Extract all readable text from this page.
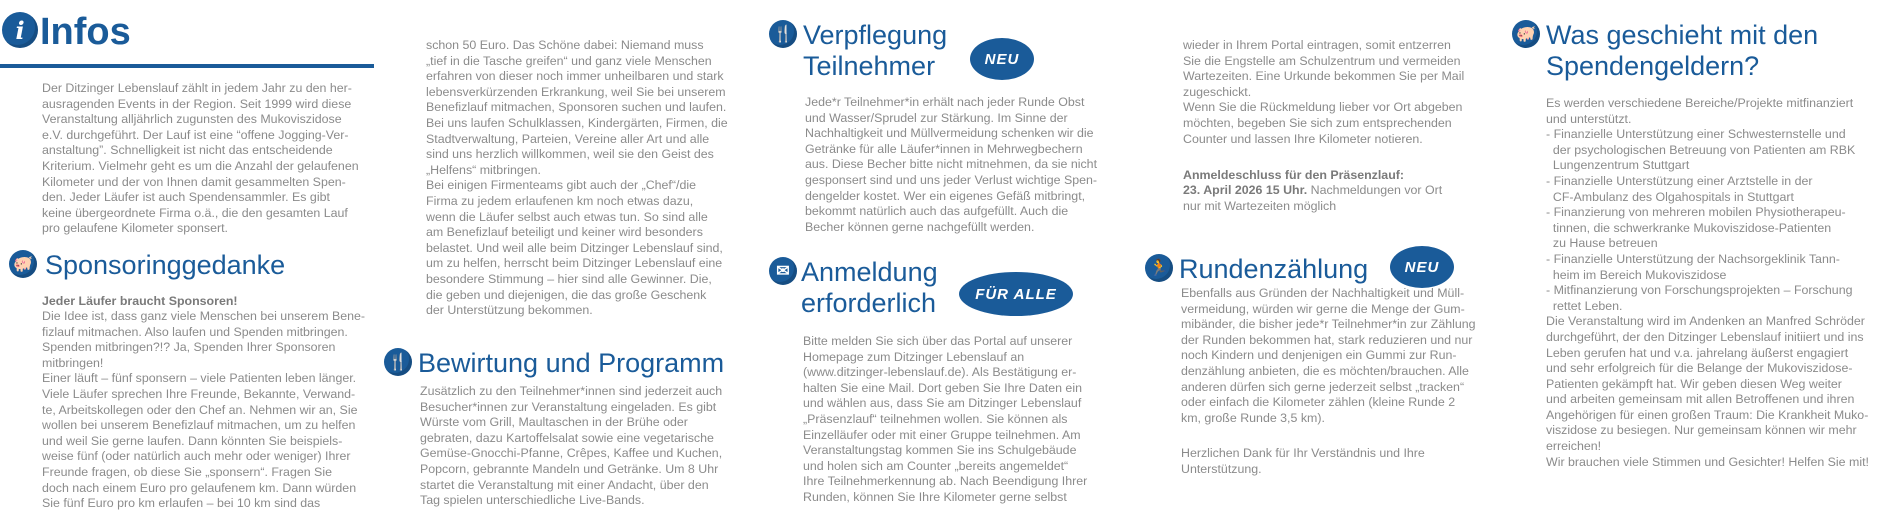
i Infos
Der Ditzinger Lebenslauf zählt in jedem Jahr zu den her-
ausragenden Events in der Region. Seit 1999 wird diese
Veranstaltung alljährlich zugunsten des Mukoviszidose
e.V. durchgeführt. Der Lauf ist eine “offene Jogging-Ver-
anstaltung”. Schnelligkeit ist nicht das entscheidende
Kriterium. Vielmehr geht es um die Anzahl der gelaufenen
Kilometer und der von Ihnen damit gesammelten Spen-
den. Jeder Läufer ist auch Spendensammler. Es gibt
keine übergeordnete Firma o.ä., die den gesamten Lauf
pro gelaufene Kilometer sponsert.
🐖 Sponsoringgedanke
Jeder Läufer braucht Sponsoren!
Die Idee ist, dass ganz viele Menschen bei unserem Bene-
fizlauf mitmachen. Also laufen und Spenden mitbringen.
Spenden mitbringen?!? Ja, Spenden Ihrer Sponsoren
mitbringen!
Einer läuft – fünf sponsern – viele Patienten leben länger.
Viele Läufer sprechen Ihre Freunde, Bekannte, Verwand-
te, Arbeitskollegen oder den Chef an. Nehmen wir an, Sie
wollen bei unserem Benefizlauf mitmachen, um zu helfen
und weil Sie gerne laufen. Dann könnten Sie beispiels-
weise fünf (oder natürlich auch mehr oder weniger) Ihrer
Freunde fragen, ob diese Sie „sponsern“. Fragen Sie
doch nach einem Euro pro gelaufenem km. Dann würden
Sie fünf Euro pro km erlaufen – bei 10 km sind das
schon 50 Euro. Das Schöne dabei: Niemand muss
„tief in die Tasche greifen“ und ganz viele Menschen
erfahren von dieser noch immer unheilbaren und stark
lebensverkürzenden Erkrankung, weil Sie bei unserem
Benefizlauf mitmachen, Sponsoren suchen und laufen.
Bei uns laufen Schulklassen, Kindergärten, Firmen, die
Stadtverwaltung, Parteien, Vereine aller Art und alle
sind uns herzlich willkommen, weil sie den Geist des
„Helfens“ mitbringen.
Bei einigen Firmenteams gibt auch der „Chef“/die
Firma zu jedem erlaufenen km noch etwas dazu,
wenn die Läufer selbst auch etwas tun. So sind alle
am Benefizlauf beteiligt und keiner wird besonders
belastet. Und weil alle beim Ditzinger Lebenslauf sind,
um zu helfen, herrscht beim Ditzinger Lebenslauf eine
besondere Stimmung – hier sind alle Gewinner. Die,
die geben und diejenigen, die das große Geschenk
der Unterstützung bekommen.
🍴 Bewirtung und Programm
Zusätzlich zu den Teilnehmer*innen sind jederzeit auch
Besucher*innen zur Veranstaltung eingeladen. Es gibt
Würste vom Grill, Maultaschen in der Brühe oder
gebraten, dazu Kartoffelsalat sowie eine vegetarische
Gemüse-Gnocchi-Pfanne, Crêpes, Kaffee und Kuchen,
Popcorn, gebrannte Mandeln und Getränke. Um 8 Uhr
startet die Veranstaltung mit einer Andacht, über den
Tag spielen unterschiedliche Live-Bands.
🍴 Verpflegung
Teilnehmer	NEU
Jede*r Teilnehmer*in erhält nach jeder Runde Obst
und Wasser/Sprudel zur Stärkung. Im Sinne der
Nachhaltigkeit und Müllvermeidung schenken wir die
Getränke für alle Läufer*innen in Mehrwegbechern
aus. Diese Becher bitte nicht mitnehmen, da sie nicht
gesponsert sind und uns jeder Verlust wichtige Spen-
dengelder kostet. Wer ein eigenes Gefäß mitbringt,
bekommt natürlich auch das aufgefüllt. Auch die
Becher können gerne nachgefüllt werden.
✉ Anmeldung
erforderlich	FÜR ALLE
Bitte melden Sie sich über das Portal auf unserer
Homepage zum Ditzinger Lebenslauf an
(www.ditzinger-lebenslauf.de). Als Bestätigung er-
halten Sie eine Mail. Dort geben Sie Ihre Daten ein
und wählen aus, dass Sie am Ditzinger Lebenslauf
„Präsenzlauf“ teilnehmen wollen. Sie können als
Einzelläufer oder mit einer Gruppe teilnehmen. Am
Veranstaltungstag kommen Sie ins Schulgebäude
und holen sich am Counter „bereits angemeldet“
Ihre Teilnehmerkennung ab. Nach Beendigung Ihrer
Runden, können Sie Ihre Kilometer gerne selbst
wieder in Ihrem Portal eintragen, somit entzerren
Sie die Engstelle am Schulzentrum und vermeiden
Wartezeiten. Eine Urkunde bekommen Sie per Mail
zugeschickt.
Wenn Sie die Rückmeldung lieber vor Ort abgeben
möchten, begeben Sie sich zum entsprechenden
Counter und lassen Ihre Kilometer notieren.
Anmeldeschluss für den Präsenzlauf:
23. April 2026 15 Uhr. Nachmeldungen vor Ort
nur mit Wartezeiten möglich
🏃 Rundenzählung	NEU
Ebenfalls aus Gründen der Nachhaltigkeit und Müll-
vermeidung, würden wir gerne die Menge der Gum-
mibänder, die bisher jede*r Teilnehmer*in zur Zählung
der Runden bekommen hat, stark reduzieren und nur
noch Kindern und denjenigen ein Gummi zur Run-
denzählung anbieten, die es möchten/brauchen. Alle
anderen dürfen sich gerne jederzeit selbst „tracken“
oder einfach die Kilometer zählen (kleine Runde 2
km, große Runde 3,5 km).
Herzlichen Dank für Ihr Verständnis und Ihre
Unterstützung.
🐖 Was geschieht mit den
Spendengeldern?
Es werden verschiedene Bereiche/Projekte mitfinanziert
und unterstützt.
- Finanzielle Unterstützung einer Schwesternstelle und
der psychologischen Betreuung von Patienten am RBK
Lungenzentrum Stuttgart
- Finanzielle Unterstützung einer Arztstelle in der
CF-Ambulanz des Olgahospitals in Stuttgart
- Finanzierung von mehreren mobilen Physiotherapeu-
tinnen, die schwerkranke Mukoviszidose-Patienten
zu Hause betreuen
- Finanzielle Unterstützung der Nachsorgeklinik Tann-
heim im Bereich Mukoviszidose
- Mitfinanzierung von Forschungsprojekten – Forschung
rettet Leben.
Die Veranstaltung wird im Andenken an Manfred Schröder
durchgeführt, der den Ditzinger Lebenslauf initiiert und ins
Leben gerufen hat und v.a. jahrelang äußerst engagiert
und sehr erfolgreich für die Belange der Mukoviszidose-
Patienten gekämpft hat. Wir geben diesen Weg weiter
und arbeiten gemeinsam mit allen Betroffenen und ihren
Angehörigen für einen großen Traum: Die Krankheit Muko-
viszidose zu besiegen. Nur gemeinsam können wir mehr
erreichen!
Wir brauchen viele Stimmen und Gesichter! Helfen Sie mit!
